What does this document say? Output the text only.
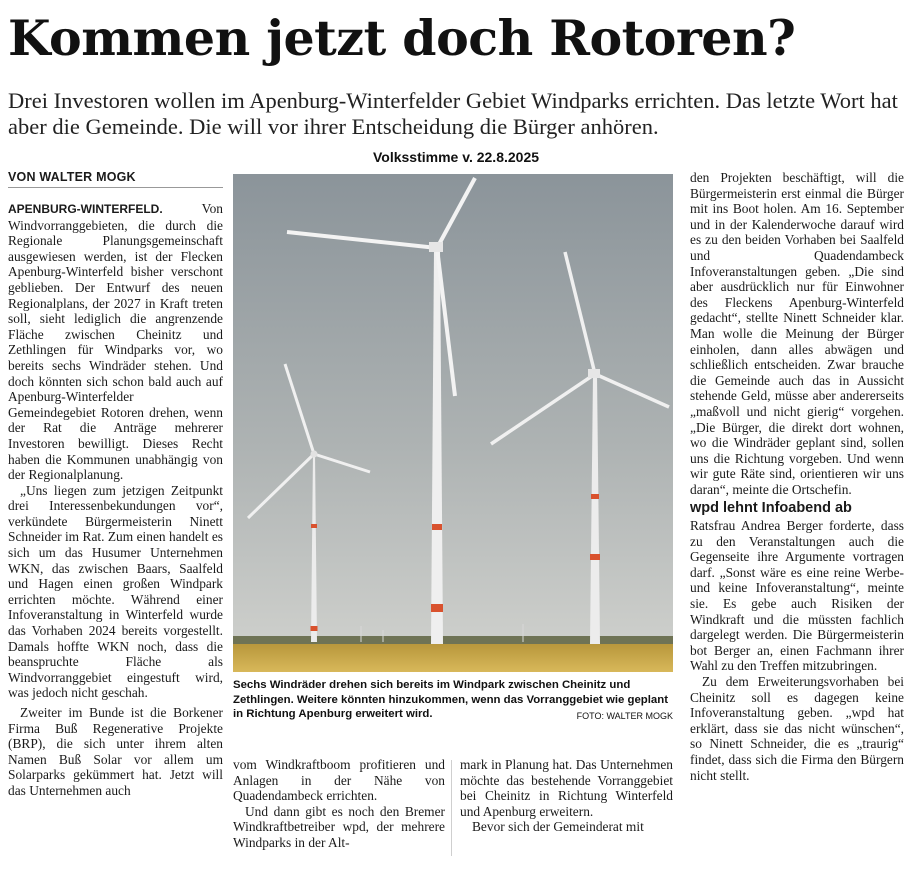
Kommen jetzt doch Rotoren?
Drei Investoren wollen im Apenburg-Winterfelder Gebiet Windparks errichten. Das letzte Wort hat aber die Gemeinde. Die will vor ihrer Entscheidung die Bürger anhören.
Volksstimme v. 22.8.2025
VON WALTER MOGK

APENBURG-WINTERFELD.	Von Windvorranggebieten, die durch die Regionale Planungsgemeinschaft ausgewiesen werden, ist der Flecken Apenburg-Winterfeld bisher verschont geblieben. Der Entwurf des neuen Regionalplans, der 2027 in Kraft treten soll, sieht lediglich die angrenzende Fläche zwischen Cheinitz und Zethlingen für Windparks vor, wo bereits sechs Windräder stehen. Und doch könnten sich schon bald auch auf Apenburg-Winterfelder Gemeindegebiet Rotoren drehen, wenn der Rat die Anträge mehrerer Investoren bewilligt. Dieses Recht haben die Kommunen unabhängig von der Regionalplanung.

„Uns liegen zum jetzigen Zeitpunkt drei Interessenbekundungen vor“, verkündete Bürgermeisterin Ninett Schneider im Rat. Zum einen handelt es sich um das Husumer Unternehmen WKN, das zwischen Baars, Saalfeld und Hagen einen großen Windpark errichten möchte. Während einer Infoveranstaltung in Winterfeld wurde das Vorhaben 2024 bereits vorgestellt. Damals hoffte WKN noch, dass die beanspruchte Fläche als Windvorranggebiet eingestuft wird, was jedoch nicht geschah.

Zweiter im Bunde ist die Borkener Firma Buß Regenerative Projekte (BRP), die sich unter ihrem alten Namen Buß Solar vor allem um Solarparks gekümmert hat. Jetzt will das Unternehmen auch

Sechs Windräder drehen sich bereits im Windpark zwischen Cheinitz und Zethlingen. Weitere könnten hinzukommen, wenn das Vorranggebiet wie geplant in Richtung Apenburg erweitert wird.	FOTO: WALTER MOGK

vom Windkraftboom profitieren und Anlagen in der Nähe von Quadendambeck errichten.

Und dann gibt es noch den Bremer Windkraftbetreiber wpd, der mehrere Windparks in der Alt-

mark in Planung hat. Das Unternehmen möchte das bestehende Vorranggebiet bei Cheinitz in Richtung Winterfeld und Apenburg erweitern.

Bevor sich der Gemeinderat mit

den Projekten beschäftigt, will die Bürgermeisterin erst einmal die Bürger mit ins Boot holen. Am 16. September und in der Kalenderwoche darauf wird es zu den beiden Vorhaben bei Saalfeld und Quadendambeck Infoveranstaltungen geben. „Die sind aber ausdrücklich nur für Einwohner des Fleckens Apenburg-Winterfeld gedacht“, stellte Ninett Schneider klar. Man wolle die Meinung der Bürger einholen, dann alles abwägen und schließlich entscheiden. Zwar brauche die Gemeinde auch das in Aussicht stehende Geld, müsse aber andererseits „maßvoll und nicht gierig“ vorgehen. „Die Bürger, die direkt dort wohnen, wo die Windräder geplant sind, sollen uns die Richtung vorgeben. Und wenn wir gute Räte sind, orientieren wir uns daran“, meinte die Ortschefin.

wpd lehnt Infoabend ab

Ratsfrau Andrea Berger forderte, dass zu den Veranstaltungen auch die Gegenseite ihre Argumente vortragen darf. „Sonst wäre es eine reine Werbe- und keine Infoveranstaltung“, meinte sie. Es gebe auch Risiken der Windkraft und die müssten fachlich dargelegt werden. Die Bürgermeisterin bot Berger an, einen Fachmann ihrer Wahl zu den Treffen mitzubringen.

Zu dem Erweiterungsvorhaben bei Cheinitz soll es dagegen keine Infoveranstaltung geben. „wpd hat erklärt, dass sie das nicht wünschen“, so Ninett Schneider, die es „traurig“ findet, dass sich die Firma den Bürgern nicht stellt.
